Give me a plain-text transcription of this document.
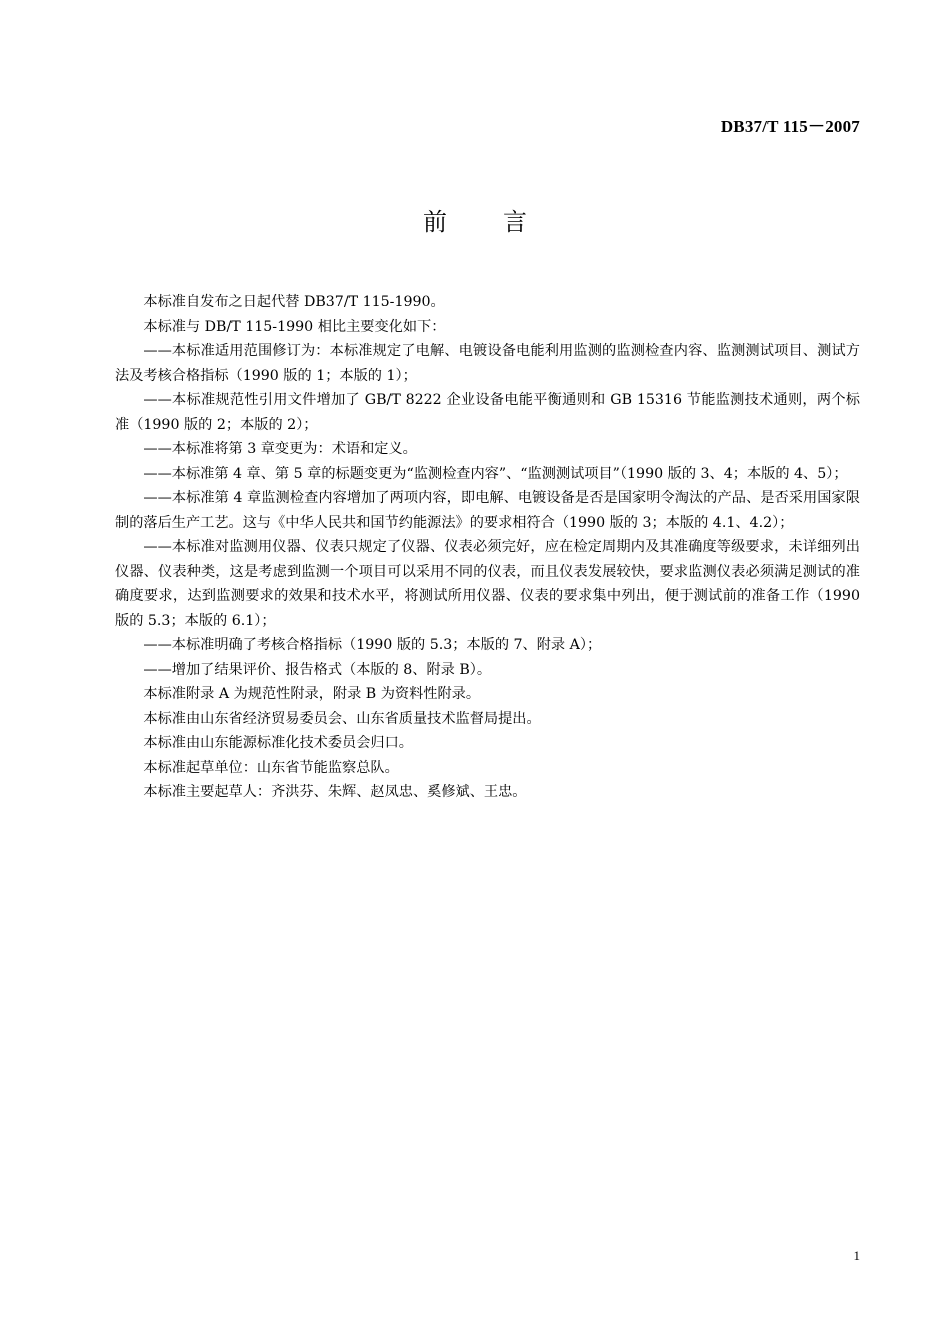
DB37/T 115－2007
前言

本标准自发布之日起代替 DB37/T 115-1990。

本标准与 DB/T 115-1990 相比主要变化如下：

——本标准适用范围修订为：本标准规定了电解、电镀设备电能利用监测的监测检查内容、监测测试项目、测试方法及考核合格指标（1990 版的 1；本版的 1）；

——本标准规范性引用文件增加了 GB/T 8222 企业设备电能平衡通则和 GB 15316 节能监测技术通则，两个标准（1990 版的 2；本版的 2）；

——本标准将第 3 章变更为：术语和定义。

——本标准第 4 章、第 5 章的标题变更为“监测检查内容”、“监测测试项目”（1990 版的 3、4；本版的 4、5）；

——本标准第 4 章监测检查内容增加了两项内容，即电解、电镀设备是否是国家明令淘汰的产品、是否采用国家限制的落后生产工艺。这与《中华人民共和国节约能源法》的要求相符合（1990 版的 3；本版的 4.1、4.2）；

——本标准对监测用仪器、仪表只规定了仪器、仪表必须完好，应在检定周期内及其准确度等级要求，未详细列出仪器、仪表种类，这是考虑到监测一个项目可以采用不同的仪表，而且仪表发展较快，要求监测仪表必须满足测试的准确度要求，达到监测要求的效果和技术水平，将测试所用仪器、仪表的要求集中列出，便于测试前的准备工作（1990 版的 5.3；本版的 6.1）；

——本标准明确了考核合格指标（1990 版的 5.3；本版的 7、附录 A）；

——增加了结果评价、报告格式（本版的 8、附录 B）。

本标准附录 A 为规范性附录，附录 B 为资料性附录。

本标准由山东省经济贸易委员会、山东省质量技术监督局提出。

本标准由山东能源标准化技术委员会归口。

本标准起草单位：山东省节能监察总队。

本标准主要起草人：齐洪芬、朱辉、赵凤忠、奚修斌、王忠。

1
